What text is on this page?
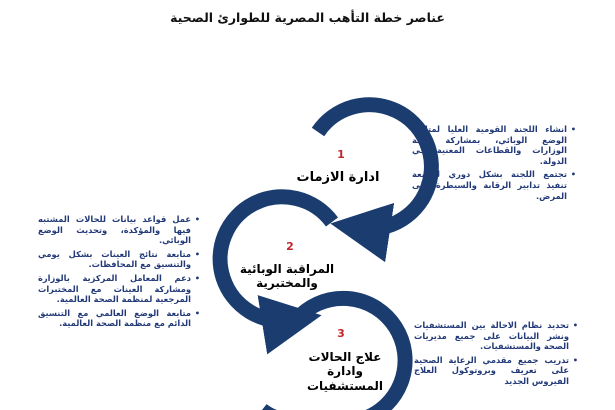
عناصر خطة التأهب المصرية للطوارئ الصحية
1
2
3
ادارة الازمات
المراقبة الوبائية
والمختبرية
علاج الحالات
وادارة
المستشفيات
• انشاء اللجنة القومية العليا لمتابعة الوضع الوبائي، بمشاركة كافة الوزارات والقطاعات المعنية في الدولة.
• تجتمع اللجنة بشكل دوري لمتابعة تنفيذ تدابير الرقابة والسيطرة على المرض.
• عمل قواعد بيانات للحالات المشتبه فيها والمؤكدة، وتحديث الوضع الوبائي.
• متابعة نتائج العينات بشكل يومي والتنسيق مع المحافظات.
• دعم المعامل المركزية بالوزارة ومشاركة العينات مع المختبرات المرجعية لمنظمة الصحة العالمية.
• متابعة الوضع العالمي مع التنسيق الدائم مع منظمة الصحة العالمية.
•	تحديد نظام الاحالة بين المستشفيات ونشر البيانات على جميع مديريات الصحة والمستشفيات.
• تدريب جميع مقدمي الرعاية الصحية على تعريف وبروتوكول العلاج الفيروس الجديد
